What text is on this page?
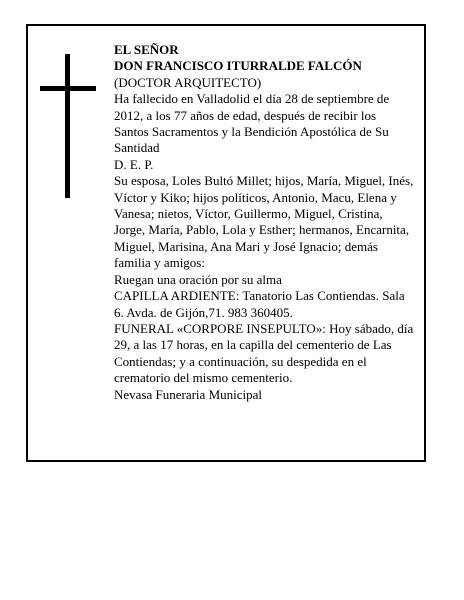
EL SEÑOR
DON FRANCISCO ITURRALDE FALCÓN
(DOCTOR ARQUITECTO)
Ha fallecido en Valladolid el día 28 de septiembre de 2012, a los 77 años de edad, después de recibir los Santos Sacramentos y la Bendición Apostólica de Su Santidad
D. E. P.
Su esposa, Loles Bultó Millet; hijos, María, Miguel, Inés, Víctor y Kiko; hijos políticos, Antonio, Macu, Elena y Vanesa; nietos, Víctor, Guillermo, Miguel, Cristina, Jorge, María, Pablo, Lola y Esther; hermanos, Encarnita, Miguel, Marisina, Ana Mari y José Ignacio; demás familia y amigos:
Ruegan una oración por su alma
CAPILLA ARDIENTE: Tanatorio Las Contiendas. Sala 6. Avda. de Gijón,71. 983 360405.
FUNERAL «CORPORE INSEPULTO»: Hoy sábado, día 29, a las 17 horas, en la capilla del cementerio de Las Contiendas; y a continuación, su despedida en el crematorio del mismo cementerio.
Nevasa Funeraria Municipal
